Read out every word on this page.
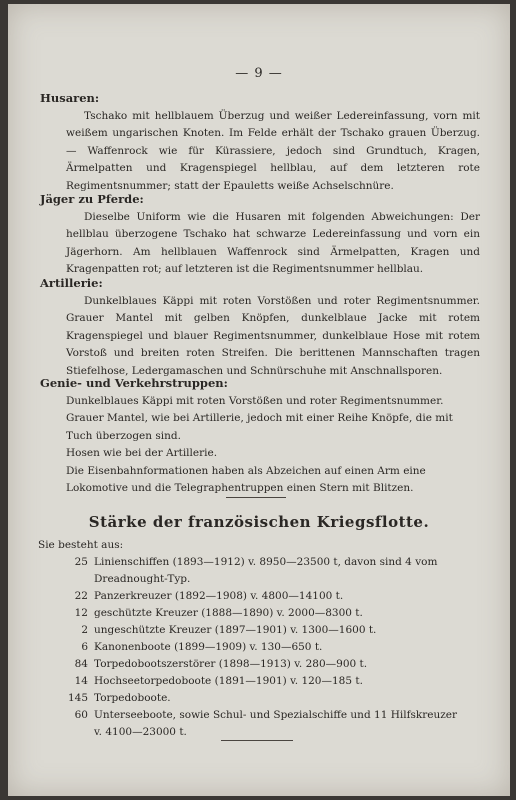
— 9 —
Husaren:
Tschako mit hellblauem Überzug und weißer Ledereinfassung, vorn mit weißem ungarischen Knoten. Im Felde erhält der Tschako grauen Überzug. — Waffenrock wie für Kürassiere, jedoch sind Grundtuch, Kragen, Ärmelpatten und Kragenspiegel hellblau, auf dem letzteren rote Regimentsnummer; statt der Epauletts weiße Achselschnüre.
Jäger zu Pferde:
Dieselbe Uniform wie die Husaren mit folgenden Abweichungen: Der hellblau überzogene Tschako hat schwarze Ledereinfassung und vorn ein Jägerhorn. Am hellblauen Waffenrock sind Ärmelpatten, Kragen und Kragenpatten rot; auf letzteren ist die Regimentsnummer hellblau.
Artillerie:
Dunkelblaues Käppi mit roten Vorstößen und roter Regimentsnummer. Grauer Mantel mit gelben Knöpfen, dunkelblaue Jacke mit rotem Kragenspiegel und blauer Regimentsnummer, dunkelblaue Hose mit rotem Vorstoß und breiten roten Streifen. Die berittenen Mannschaften tragen Stiefelhose, Ledergamaschen und Schnürschuhe mit Anschnallsporen.
Genie- und Verkehrstruppen:
Dunkelblaues Käppi mit roten Vorstößen und roter Regimentsnummer.
Grauer Mantel, wie bei Artillerie, jedoch mit einer Reihe Knöpfe, die mit Tuch überzogen sind.
Hosen wie bei der Artillerie.
Die Eisenbahnformationen haben als Abzeichen auf einen Arm eine Lokomotive und die Telegraphentruppen einen Stern mit Blitzen.
Stärke der französischen Kriegsflotte.
Sie besteht aus:
25 Linienschiffen (1893—1912) v. 8950—23500 t, davon sind 4 vom
Dreadnought-Typ.
22 Panzerkreuzer (1892—1908) v. 4800—14100 t.
12 geschützte Kreuzer (1888—1890) v. 2000—8300 t.
2 ungeschützte Kreuzer (1897—1901) v. 1300—1600 t.
6 Kanonenboote (1899—1909) v. 130—650 t.
84 Torpedobootszerstörer (1898—1913) v. 280—900 t.
14 Hochseetorpedoboote (1891—1901) v. 120—185 t.
145 Torpedoboote.
60 Unterseeboote, sowie Schul- und Spezialschiffe und 11 Hilfskreuzer
v. 4100—23000 t.
